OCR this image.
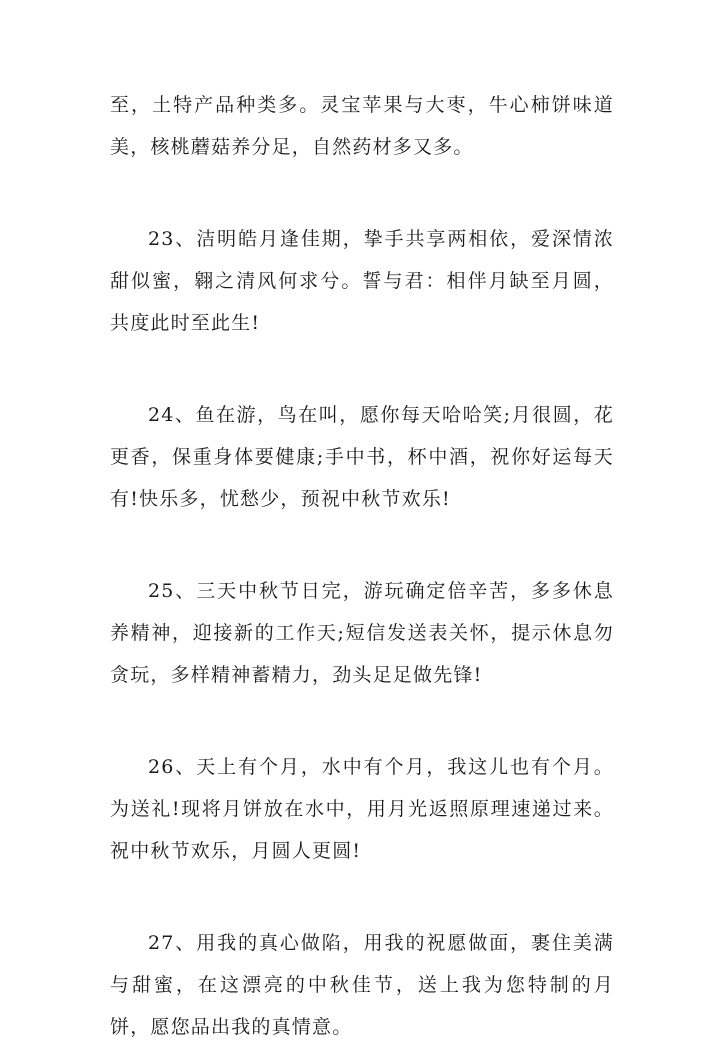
至，土特产品种类多。灵宝苹果与大枣，牛心柿饼味道美，核桃蘑菇养分足，自然药材多又多。

23、洁明皓月逢佳期，挚手共享两相依，爱深情浓甜似蜜，翱之清风何求兮。誓与君：相伴月缺至月圆，共度此时至此生!

24、鱼在游，鸟在叫，愿你每天哈哈笑;月很圆，花更香，保重身体要健康;手中书，杯中酒，祝你好运每天有!快乐多，忧愁少，预祝中秋节欢乐!

25、三天中秋节日完，游玩确定倍辛苦，多多休息养精神，迎接新的工作天;短信发送表关怀，提示休息勿贪玩，多样精神蓄精力，劲头足足做先锋!

26、天上有个月，水中有个月，我这儿也有个月。为送礼!现将月饼放在水中，用月光返照原理速递过来。祝中秋节欢乐，月圆人更圆!

27、用我的真心做陷，用我的祝愿做面，裹住美满与甜蜜，在这漂亮的中秋佳节，送上我为您特制的月饼，愿您品出我的真情意。
